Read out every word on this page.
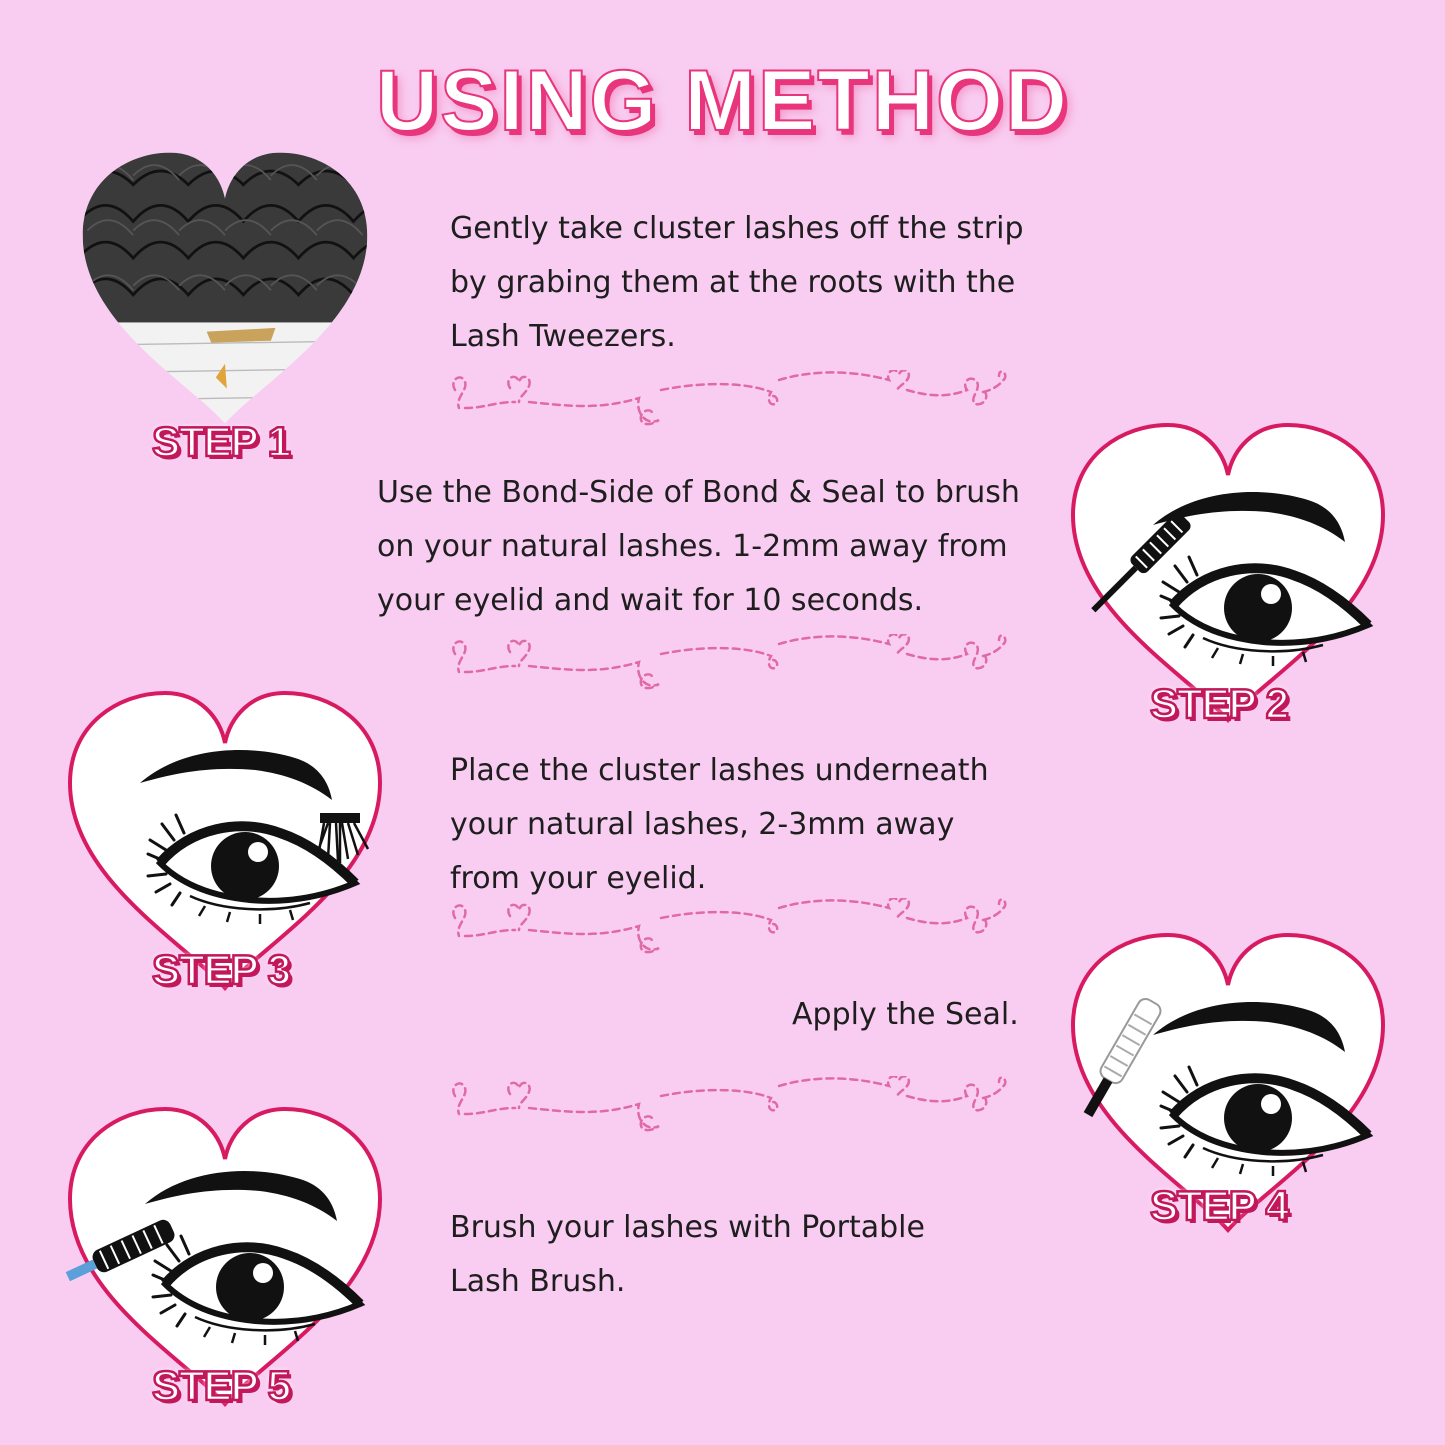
USING METHOD
STEP 1
Gently take cluster lashes off the strip
by grabing them at the roots with the
Lash Tweezers.
Use the Bond-Side of Bond & Seal to brush
on your natural lashes. 1-2mm away from
your eyelid and wait for 10 seconds.
STEP 2
STEP 3
Place the cluster lashes underneath
your natural lashes, 2-3mm away
from your eyelid.
Apply the Seal.
STEP 4
STEP 5
Brush your lashes with Portable
Lash Brush.
